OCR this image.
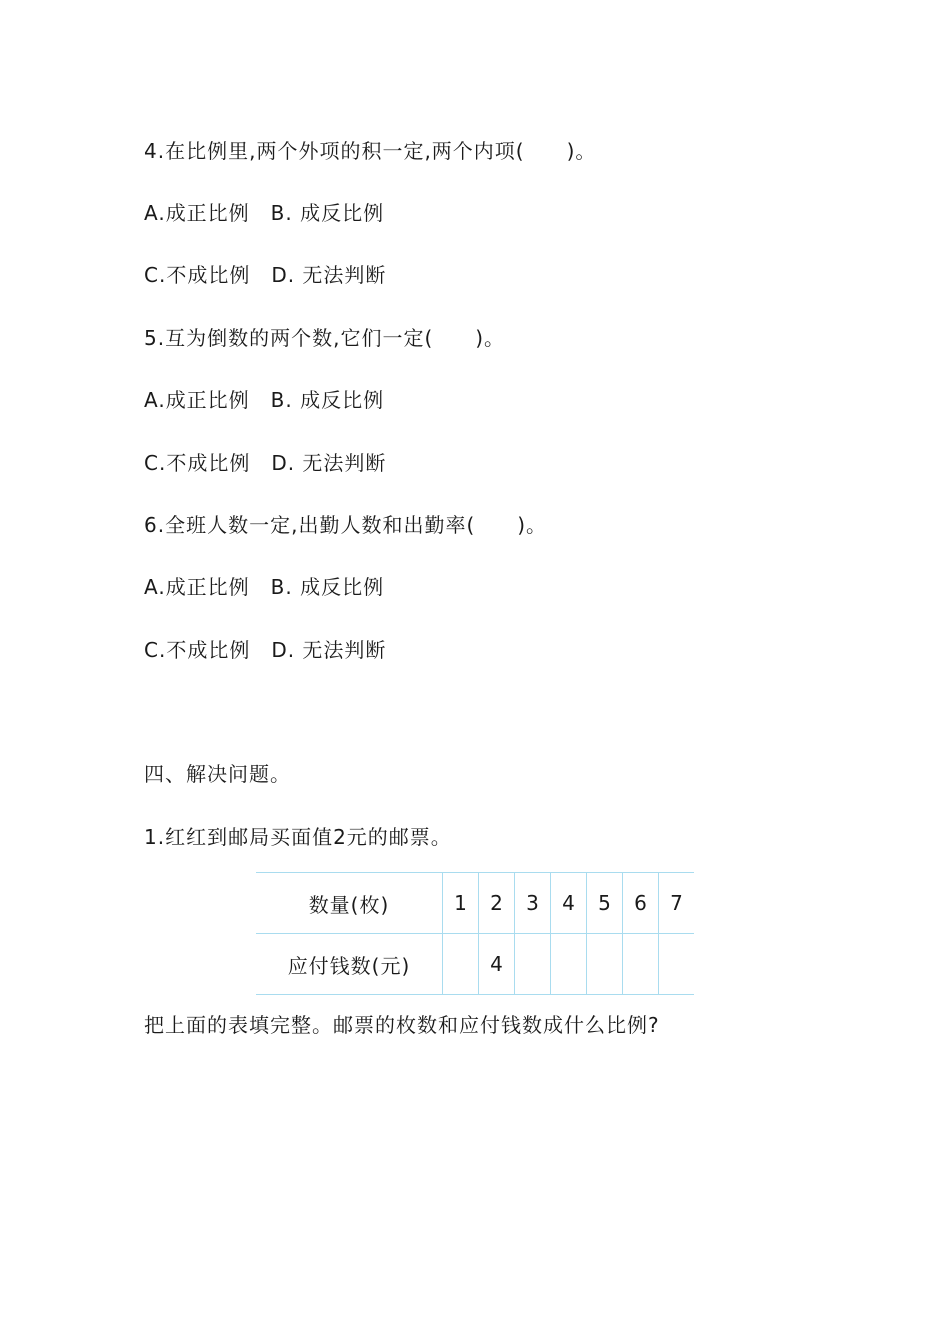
4.在比例里,两个外项的积一定,两个内项(　　)。
A.成正比例　B. 成反比例
C.不成比例　D. 无法判断
5.互为倒数的两个数,它们一定(　　)。
A.成正比例　B. 成反比例
C.不成比例　D. 无法判断
6.全班人数一定,出勤人数和出勤率(　　)。
A.成正比例　B. 成反比例
C.不成比例　D. 无法判断
四、解决问题。
1.红红到邮局买面值2元的邮票。
数量(枚)	1	2	3	4	5	6	7
应付钱数(元)		4					
把上面的表填完整。邮票的枚数和应付钱数成什么比例?
